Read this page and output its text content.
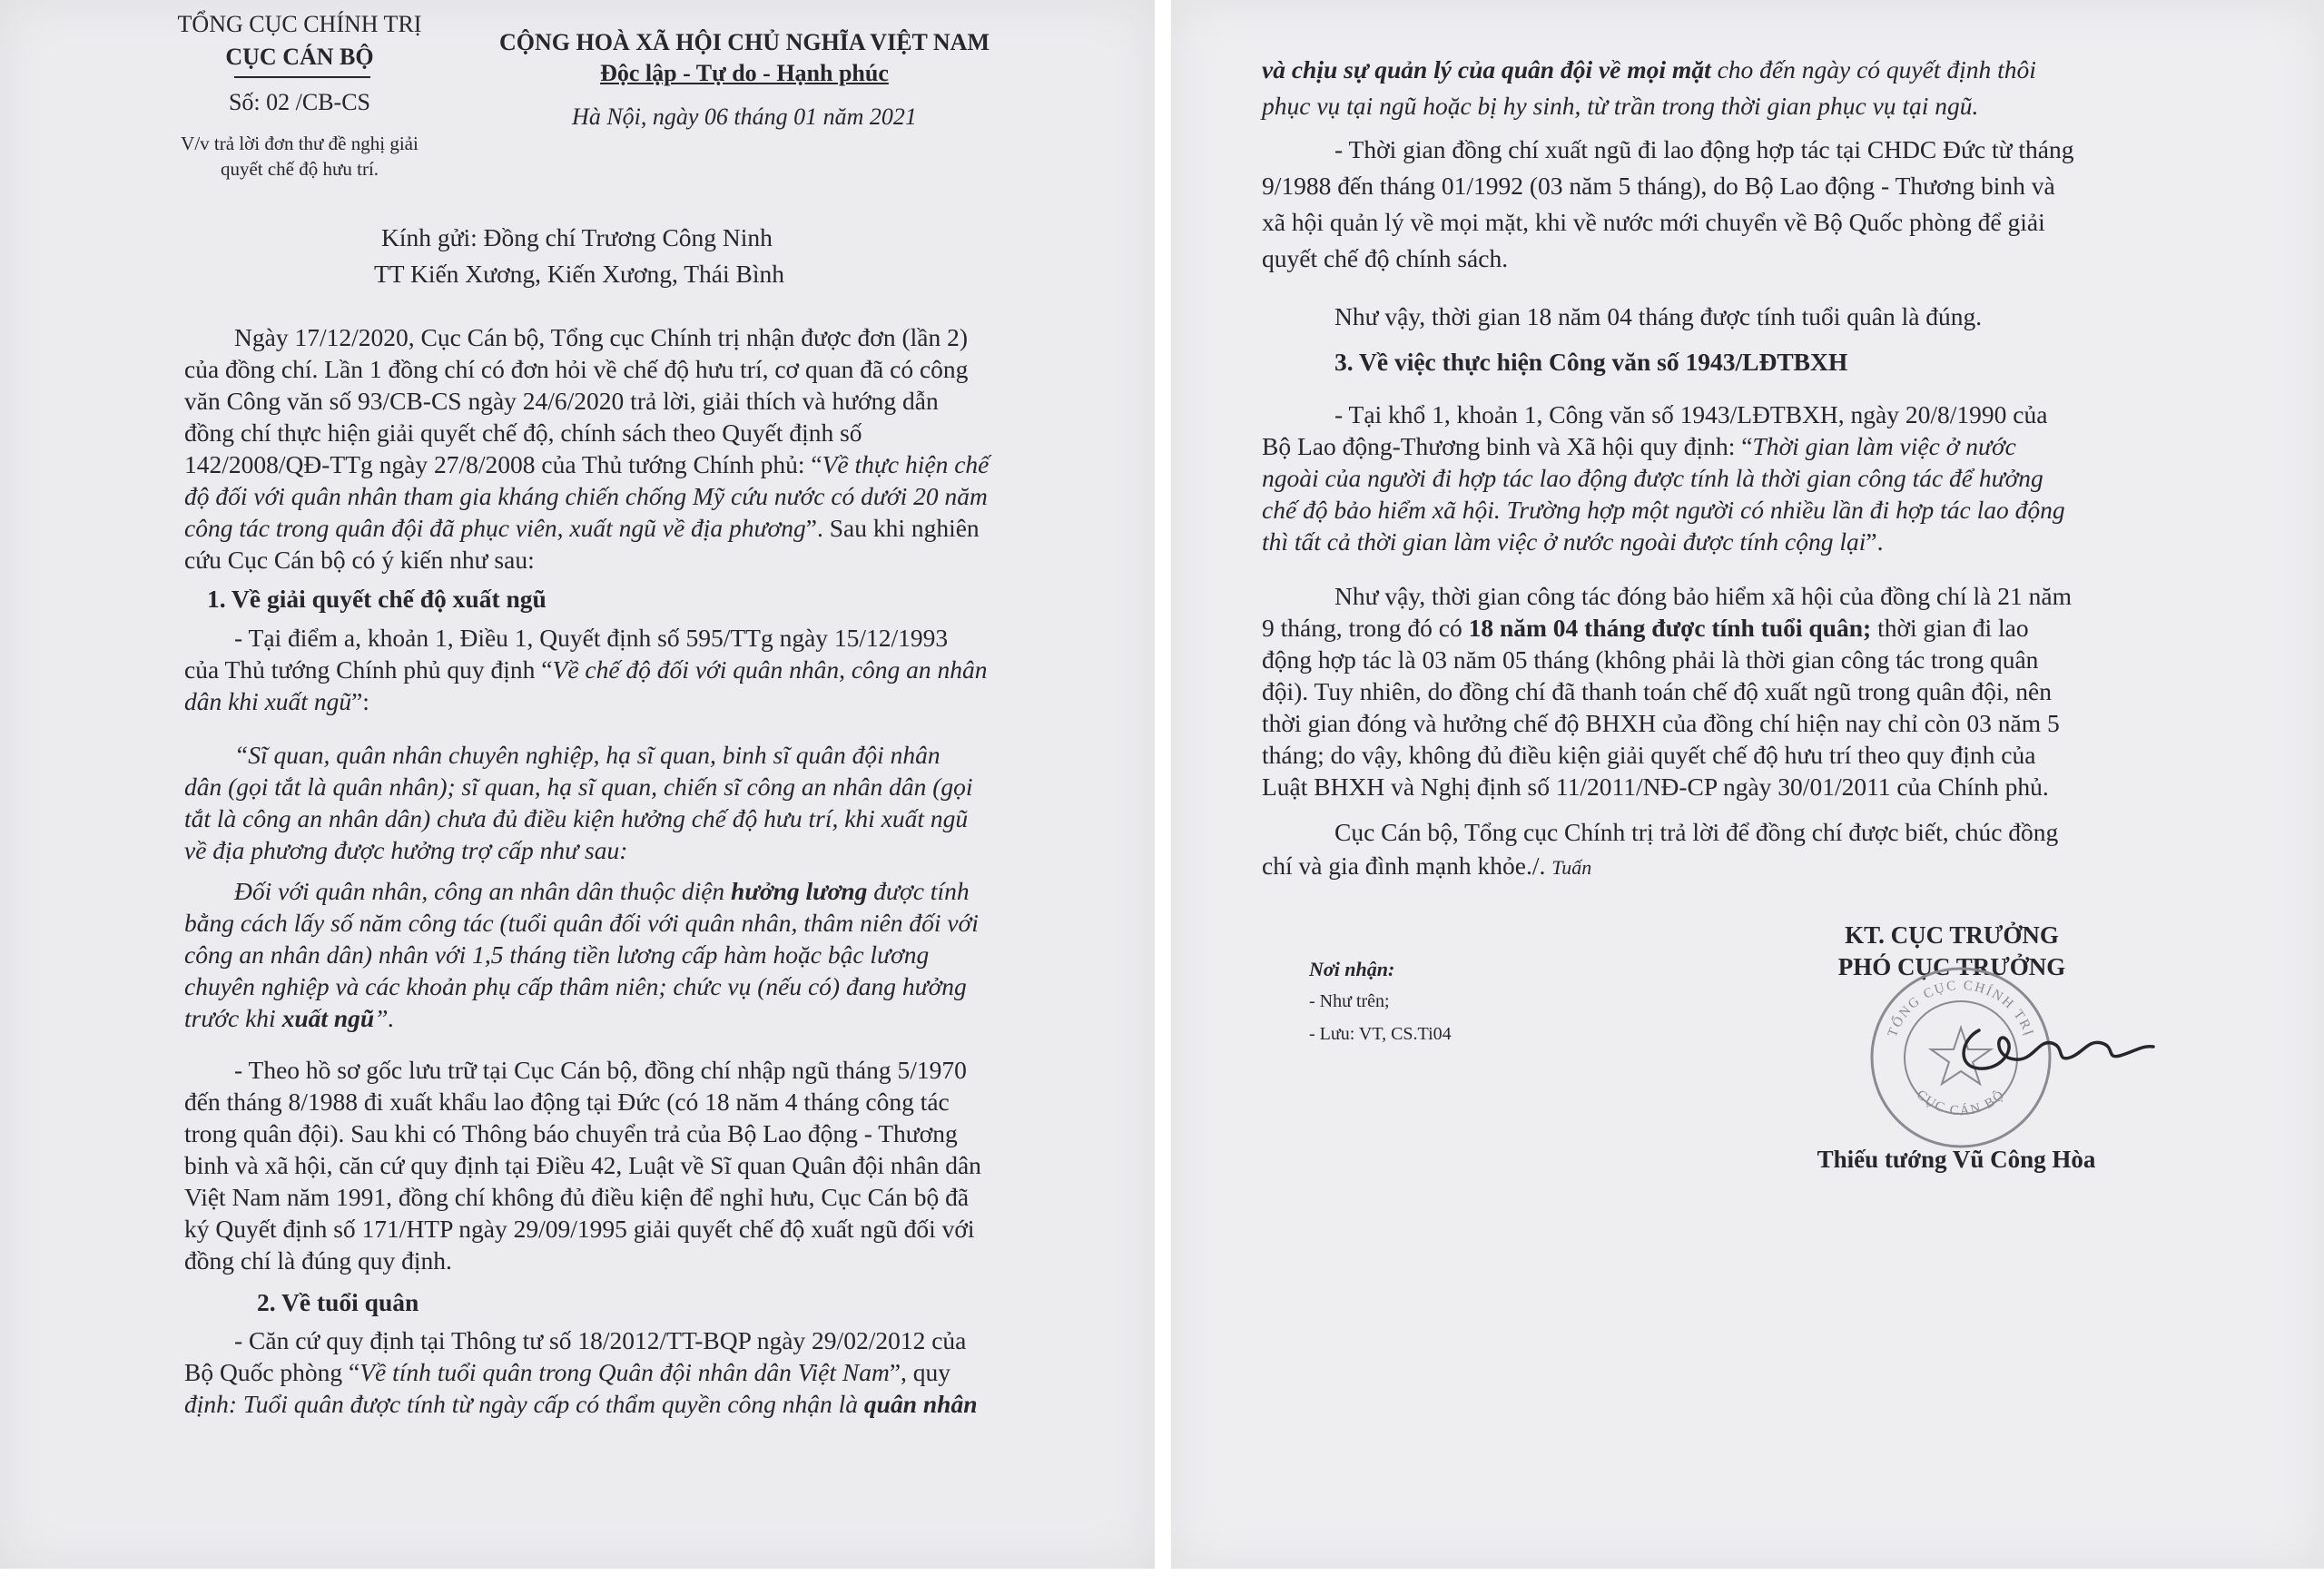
TỔNG CỤC CHÍNH TRỊ
CỤC CÁN BỘ
Số: 02 /CB-CS
V/v trả lời đơn thư đề nghị giải
quyết chế độ hưu trí.
CỘNG HOÀ XÃ HỘI CHỦ NGHĨA VIỆT NAM
Độc lập - Tự do - Hạnh phúc
Hà Nội, ngày 06 tháng 01 năm 2021
Kính gửi: Đồng chí Trương Công Ninh
TT Kiến Xương, Kiến Xương, Thái Bình
Ngày 17/12/2020, Cục Cán bộ, Tổng cục Chính trị nhận được đơn (lần 2)
của đồng chí. Lần 1 đồng chí có đơn hỏi về chế độ hưu trí, cơ quan đã có công
văn Công văn số 93/CB-CS ngày 24/6/2020 trả lời, giải thích và hướng dẫn
đồng chí thực hiện giải quyết chế độ, chính sách theo Quyết định số
142/2008/QĐ-TTg ngày 27/8/2008 của Thủ tướng Chính phủ: “Về thực hiện chế
độ đối với quân nhân tham gia kháng chiến chống Mỹ cứu nước có dưới 20 năm
công tác trong quân đội đã phục viên, xuất ngũ về địa phương”. Sau khi nghiên
cứu Cục Cán bộ có ý kiến như sau:
1. Về giải quyết chế độ xuất ngũ
- Tại điểm a, khoản 1, Điều 1, Quyết định số 595/TTg ngày 15/12/1993
của Thủ tướng Chính phủ quy định “Về chế độ đối với quân nhân, công an nhân
dân khi xuất ngũ”:
“Sĩ quan, quân nhân chuyên nghiệp, hạ sĩ quan, binh sĩ quân đội nhân
dân (gọi tắt là quân nhân); sĩ quan, hạ sĩ quan, chiến sĩ công an nhân dân (gọi
tắt là công an nhân dân) chưa đủ điều kiện hưởng chế độ hưu trí, khi xuất ngũ
về địa phương được hưởng trợ cấp như sau:
Đối với quân nhân, công an nhân dân thuộc diện hưởng lương được tính
bằng cách lấy số năm công tác (tuổi quân đối với quân nhân, thâm niên đối với
công an nhân dân) nhân với 1,5 tháng tiền lương cấp hàm hoặc bậc lương
chuyên nghiệp và các khoản phụ cấp thâm niên; chức vụ (nếu có) đang hưởng
trước khi xuất ngũ”.
- Theo hồ sơ gốc lưu trữ tại Cục Cán bộ, đồng chí nhập ngũ tháng 5/1970
đến tháng 8/1988 đi xuất khẩu lao động tại Đức (có 18 năm 4 tháng công tác
trong quân đội). Sau khi có Thông báo chuyển trả của Bộ Lao động - Thương
binh và xã hội, căn cứ quy định tại Điều 42, Luật về Sĩ quan Quân đội nhân dân
Việt Nam năm 1991, đồng chí không đủ điều kiện để nghỉ hưu, Cục Cán bộ đã
ký Quyết định số 171/HTP ngày 29/09/1995 giải quyết chế độ xuất ngũ đối với
đồng chí là đúng quy định.
2. Về tuổi quân
- Căn cứ quy định tại Thông tư số 18/2012/TT-BQP ngày 29/02/2012 của
Bộ Quốc phòng “Về tính tuổi quân trong Quân đội nhân dân Việt Nam”, quy
định: Tuổi quân được tính từ ngày cấp có thẩm quyền công nhận là quân nhân
và chịu sự quản lý của quân đội về mọi mặt cho đến ngày có quyết định thôi
phục vụ tại ngũ hoặc bị hy sinh, từ trần trong thời gian phục vụ tại ngũ.
- Thời gian đồng chí xuất ngũ đi lao động hợp tác tại CHDC Đức từ tháng
9/1988 đến tháng 01/1992 (03 năm 5 tháng), do Bộ Lao động - Thương binh và
xã hội quản lý về mọi mặt, khi về nước mới chuyển về Bộ Quốc phòng để giải
quyết chế độ chính sách.
Như vậy, thời gian 18 năm 04 tháng được tính tuổi quân là đúng.
3. Về việc thực hiện Công văn số 1943/LĐTBXH
- Tại khổ 1, khoản 1, Công văn số 1943/LĐTBXH, ngày 20/8/1990 của
Bộ Lao động-Thương binh và Xã hội quy định: “Thời gian làm việc ở nước
ngoài của người đi hợp tác lao động được tính là thời gian công tác để hưởng
chế độ bảo hiểm xã hội. Trường hợp một người có nhiều lần đi hợp tác lao động
thì tất cả thời gian làm việc ở nước ngoài được tính cộng lại”.
Như vậy, thời gian công tác đóng bảo hiểm xã hội của đồng chí là 21 năm
9 tháng, trong đó có 18 năm 04 tháng được tính tuổi quân; thời gian đi lao
động hợp tác là 03 năm 05 tháng (không phải là thời gian công tác trong quân
đội). Tuy nhiên, do đồng chí đã thanh toán chế độ xuất ngũ trong quân đội, nên
thời gian đóng và hưởng chế độ BHXH của đồng chí hiện nay chỉ còn 03 năm 5
tháng; do vậy, không đủ điều kiện giải quyết chế độ hưu trí theo quy định của
Luật BHXH và Nghị định số 11/2011/NĐ-CP ngày 30/01/2011 của Chính phủ.
Cục Cán bộ, Tổng cục Chính trị trả lời để đồng chí được biết, chúc đồng
chí và gia đình mạnh khỏe./. Tuấn
KT. CỤC TRƯỞNG
PHÓ CỤC TRƯỞNG
Nơi nhận:
- Như trên;
- Lưu: VT, CS.Ti04	TỔNG CỤC CHÍNH TRỊ
CỤC CÁN BỘ
Thiếu tướng Vũ Công Hòa
